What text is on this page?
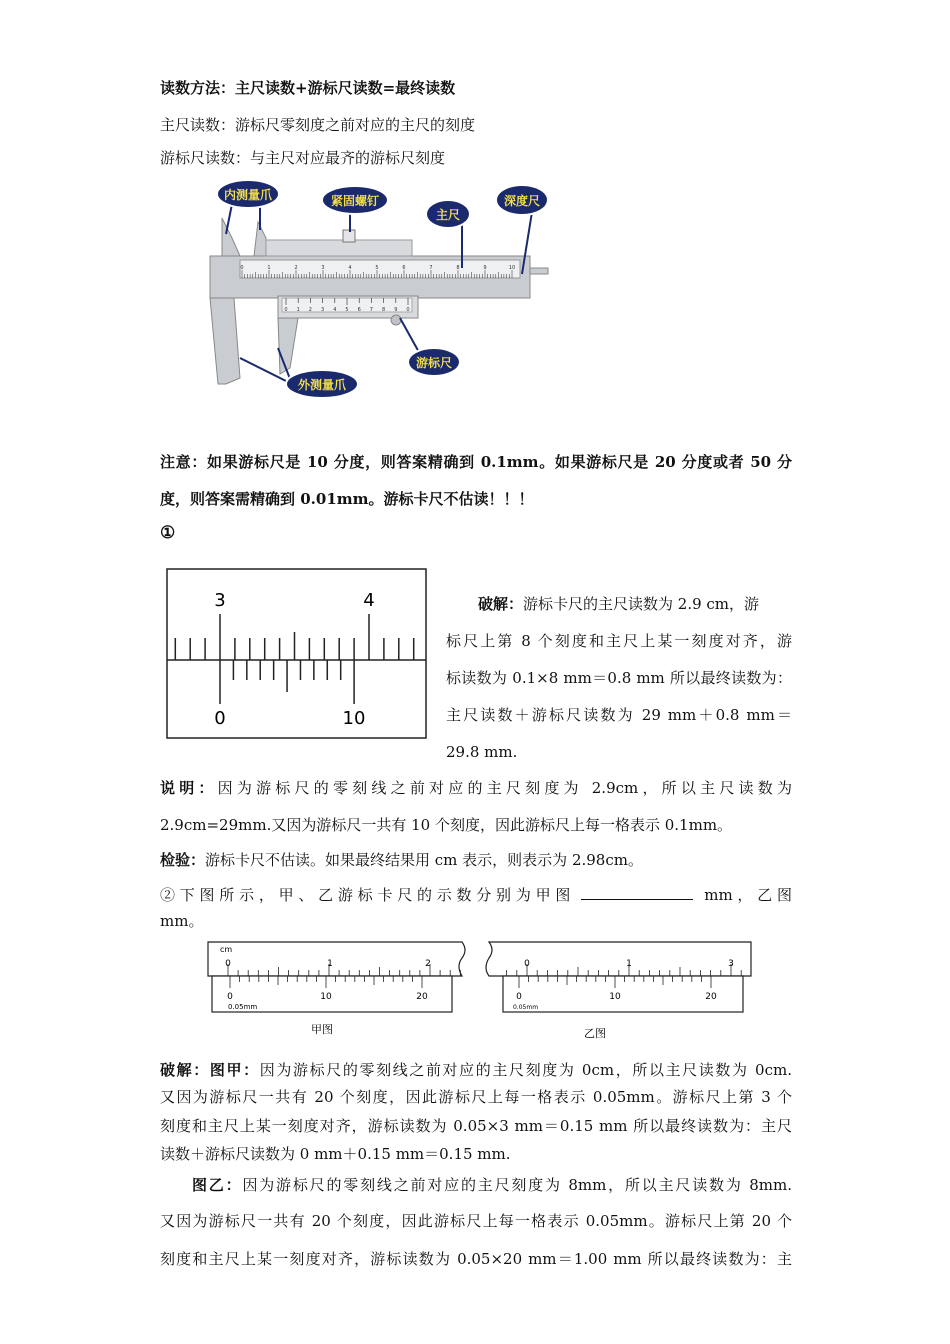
读数方法：主尺读数+游标尺读数=最终读数
主尺读数：游标尺零刻度之前对应的主尺的刻度
游标尺读数：与主尺对应最齐的游标尺刻度
0	1	2	3	4	5	6	7	8	9	10
0 1 2 3 4 5 6 7 8 9 0
内测量爪	紧固螺钉
主尺
深度尺
游标尺
外测量爪
注意：如果游标尺是 10 分度，则答案精确到 0.1mm。如果游标尺是 20 分度或者 50 分
度，则答案需精确到 0.01mm。游标卡尺不估读！！！
①
3	4
0	10
破解：游标卡尺的主尺读数为 2.9 cm，游
标尺上第 8 个刻度和主尺上某一刻度对齐，游
标读数为 0.1×8 mm＝0.8 mm 所以最终读数为：
主尺读数＋游标尺读数为 29 mm＋0.8 mm＝
29.8 mm.
说明：因为游标尺的零刻线之前对应的主尺刻度为 2.9cm，所以主尺读数为
2.9cm=29mm.又因为游标尺一共有 10 个刻度，因此游标尺上每一格表示 0.1mm。
检验：游标卡尺不估读。如果最终结果用 cm 表示，则表示为 2.98cm。
② 下 图 所 示 ， 甲 、 乙 游 标 卡 尺 的 示 数 分 别 为 甲 图	mm ， 乙 图
mm。
cm
0	1	2
0	10	20
0.05mm
甲图
0	1	3
0	10	20
0.05mm
乙图
破解：图甲：因为游标尺的零刻线之前对应的主尺刻度为 0cm，所以主尺读数为 0cm.
又因为游标尺一共有 20 个刻度，因此游标尺上每一格表示 0.05mm。游标尺上第 3 个
刻度和主尺上某一刻度对齐，游标读数为 0.05×3 mm＝0.15 mm 所以最终读数为：主尺
读数＋游标尺读数为 0 mm＋0.15 mm＝0.15 mm.
图乙：因为游标尺的零刻线之前对应的主尺刻度为 8mm，所以主尺读数为 8mm.
又因为游标尺一共有 20 个刻度，因此游标尺上每一格表示 0.05mm。游标尺上第 20 个
刻度和主尺上某一刻度对齐，游标读数为 0.05×20 mm＝1.00 mm 所以最终读数为：主
